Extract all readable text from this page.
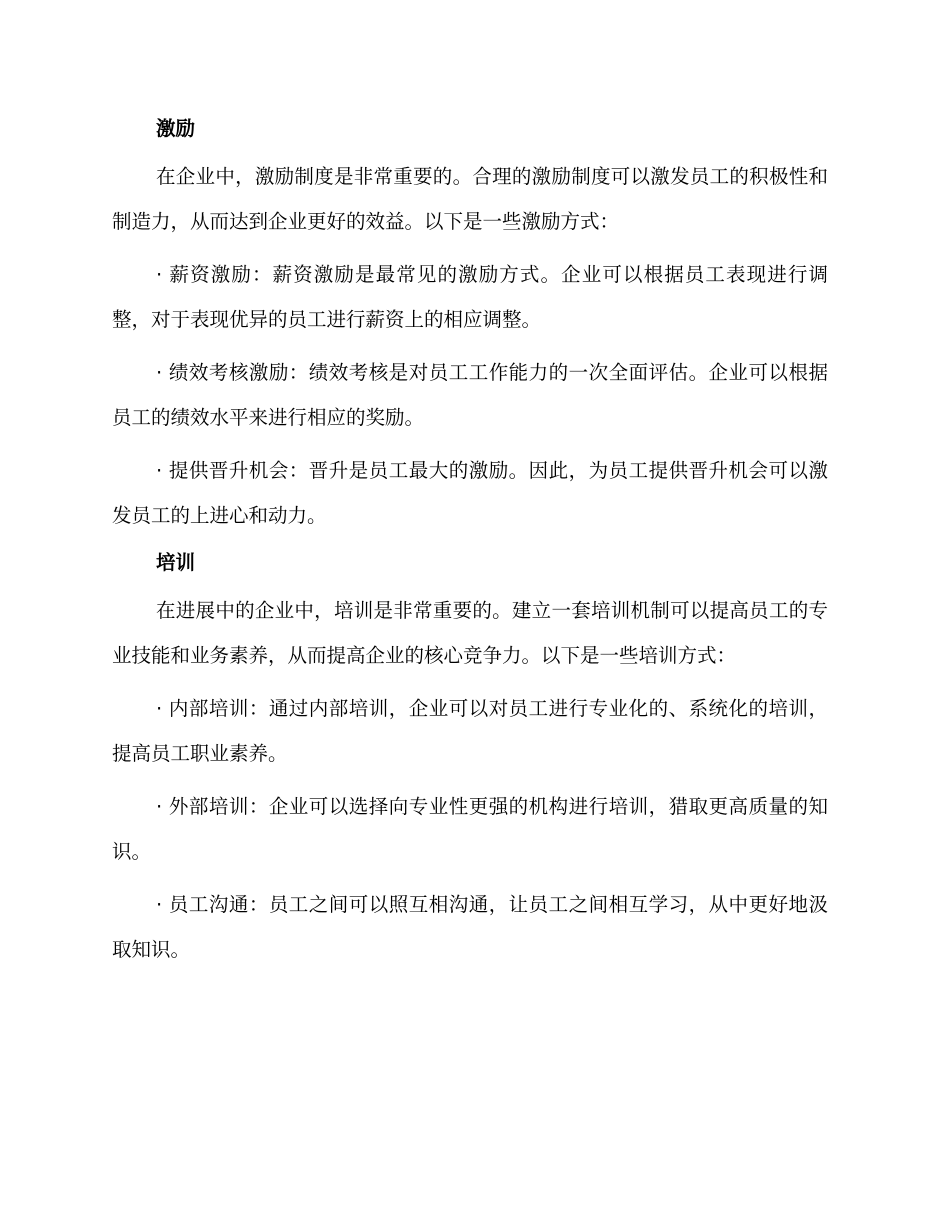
激励

在企业中，激励制度是非常重要的。合理的激励制度可以激发员工的积极性和制造力，从而达到企业更好的效益。以下是一些激励方式：

· 薪资激励：薪资激励是最常见的激励方式。企业可以根据员工表现进行调整，对于表现优异的员工进行薪资上的相应调整。

· 绩效考核激励：绩效考核是对员工工作能力的一次全面评估。企业可以根据员工的绩效水平来进行相应的奖励。

· 提供晋升机会：晋升是员工最大的激励。因此，为员工提供晋升机会可以激发员工的上进心和动力。

培训

在进展中的企业中，培训是非常重要的。建立一套培训机制可以提高员工的专业技能和业务素养，从而提高企业的核心竞争力。以下是一些培训方式：

· 内部培训：通过内部培训，企业可以对员工进行专业化的、系统化的培训，提高员工职业素养。

· 外部培训：企业可以选择向专业性更强的机构进行培训，猎取更高质量的知识。

· 员工沟通：员工之间可以照互相沟通，让员工之间相互学习，从中更好地汲取知识。
